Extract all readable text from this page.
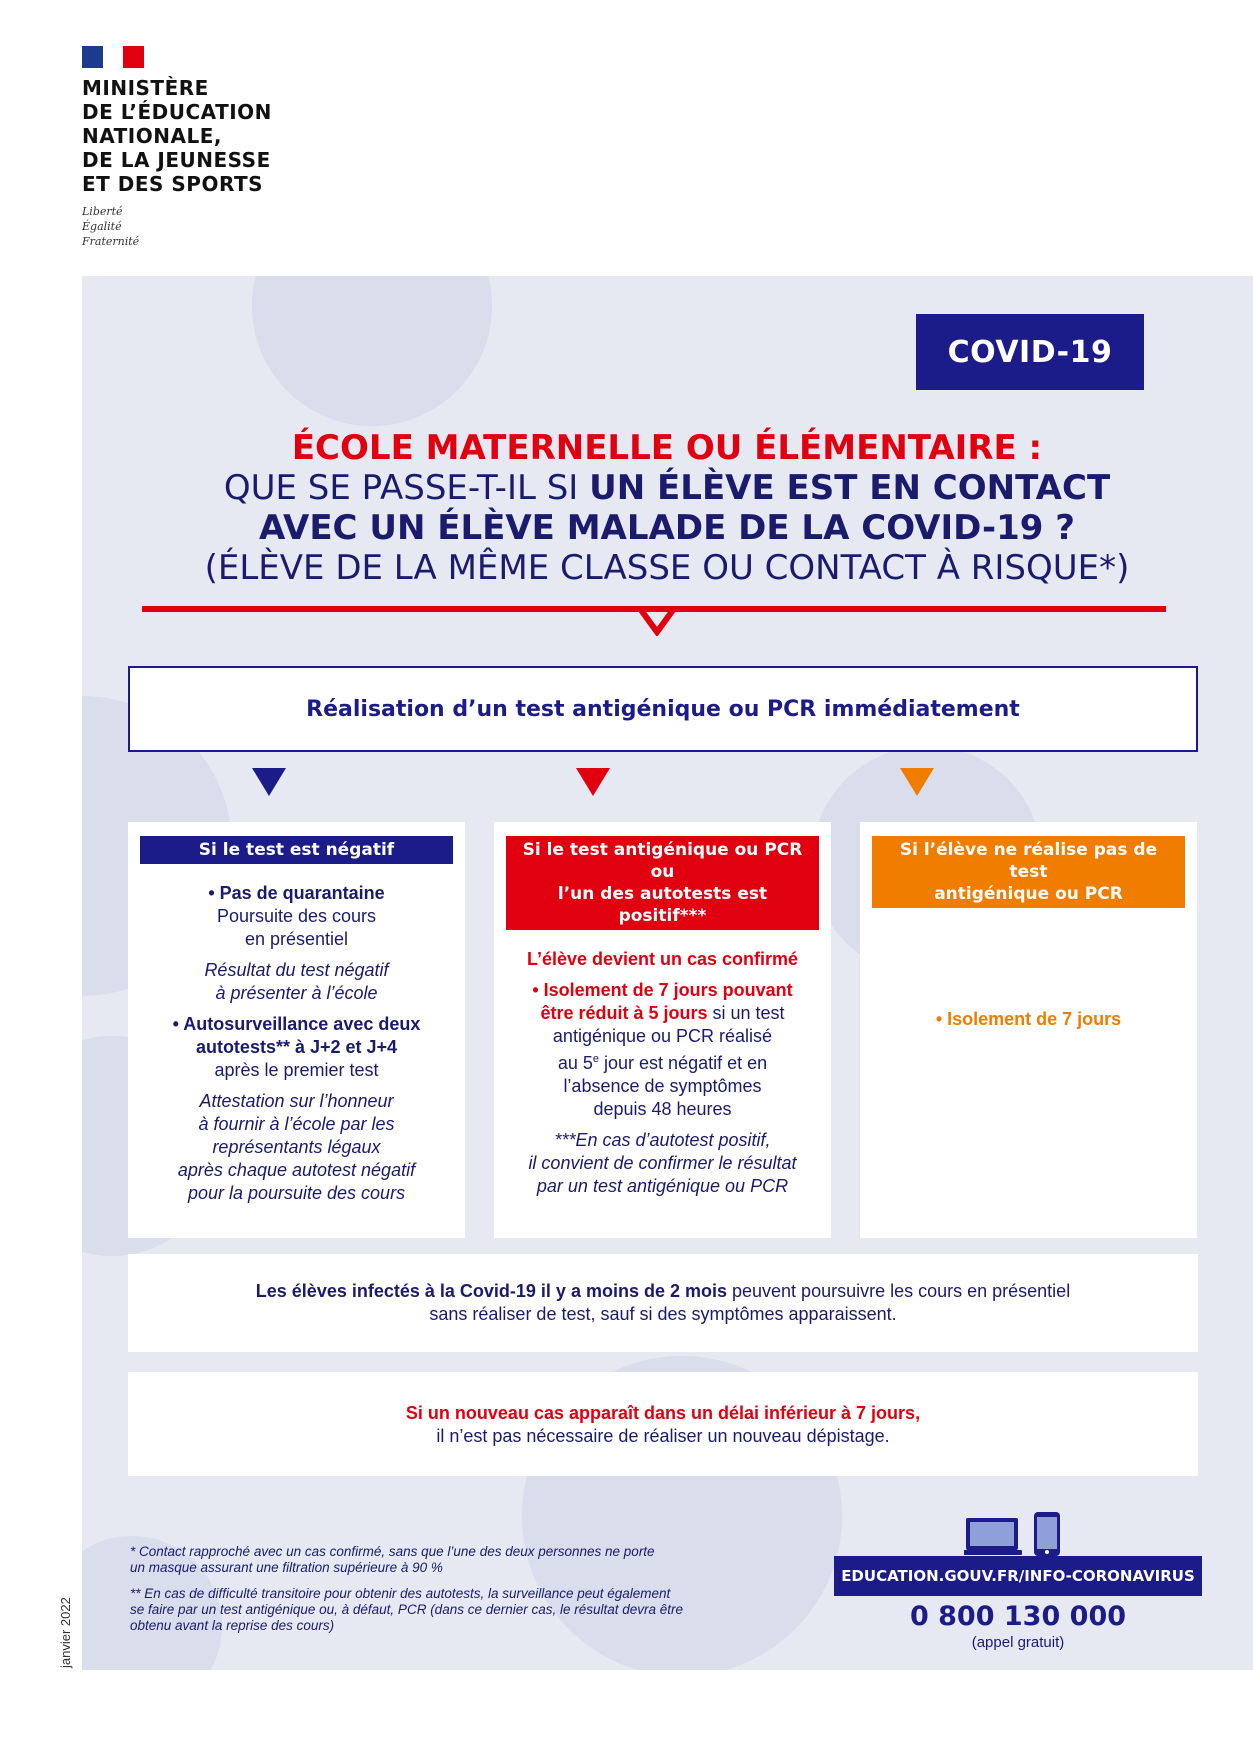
MINISTÈRE
DE L’ÉDUCATION
NATIONALE,
DE LA JEUNESSE
ET DES SPORTS
Liberté
Égalité
Fraternité
COVID-19
ÉCOLE MATERNELLE OU ÉLÉMENTAIRE :
QUE SE PASSE-T-IL SI UN ÉLÈVE EST EN CONTACT
AVEC UN ÉLÈVE MALADE DE LA COVID-19 ?
(ÉLÈVE DE LA MÊME CLASSE OU CONTACT À RISQUE*)
Réalisation d’un test antigénique ou PCR immédiatement
Si le test est négatif

• Pas de quarantaine
Poursuite des cours
en présentiel

Résultat du test négatif
à présenter à l’école

• Autosurveillance avec deux
autotests** à J+2 et J+4
après le premier test

Attestation sur l’honneur
à fournir à l’école par les
représentants légaux
après chaque autotest négatif
pour la poursuite des cours

Si le test antigénique ou PCR ou
l’un des autotests est positif***

L’élève devient un cas confirmé

• Isolement de 7 jours pouvant
être réduit à 5 jours si un test
antigénique ou PCR réalisé
au 5e jour est négatif et en
l’absence de symptômes
depuis 48 heures

***En cas d’autotest positif,
il convient de confirmer le résultat
par un test antigénique ou PCR

Si l’élève ne réalise pas de test
antigénique ou PCR

• Isolement de 7 jours

Les élèves infectés à la Covid-19 il y a moins de 2 mois peuvent poursuivre les cours en présentiel
sans réaliser de test, sauf si des symptômes apparaissent.
Si un nouveau cas apparaît dans un délai inférieur à 7 jours,
il n’est pas nécessaire de réaliser un nouveau dépistage.

* Contact rapproché avec un cas confirmé, sans que l’une des deux personnes ne porte
un masque assurant une filtration supérieure à 90 %

** En cas de difficulté transitoire pour obtenir des autotests, la surveillance peut également
se faire par un test antigénique ou, à défaut, PCR (dans ce dernier cas, le résultat devra être
obtenu avant la reprise des cours)

EDUCATION.GOUV.FR/INFO-CORONAVIRUS
0 800 130 000
(appel gratuit)
janvier 2022
